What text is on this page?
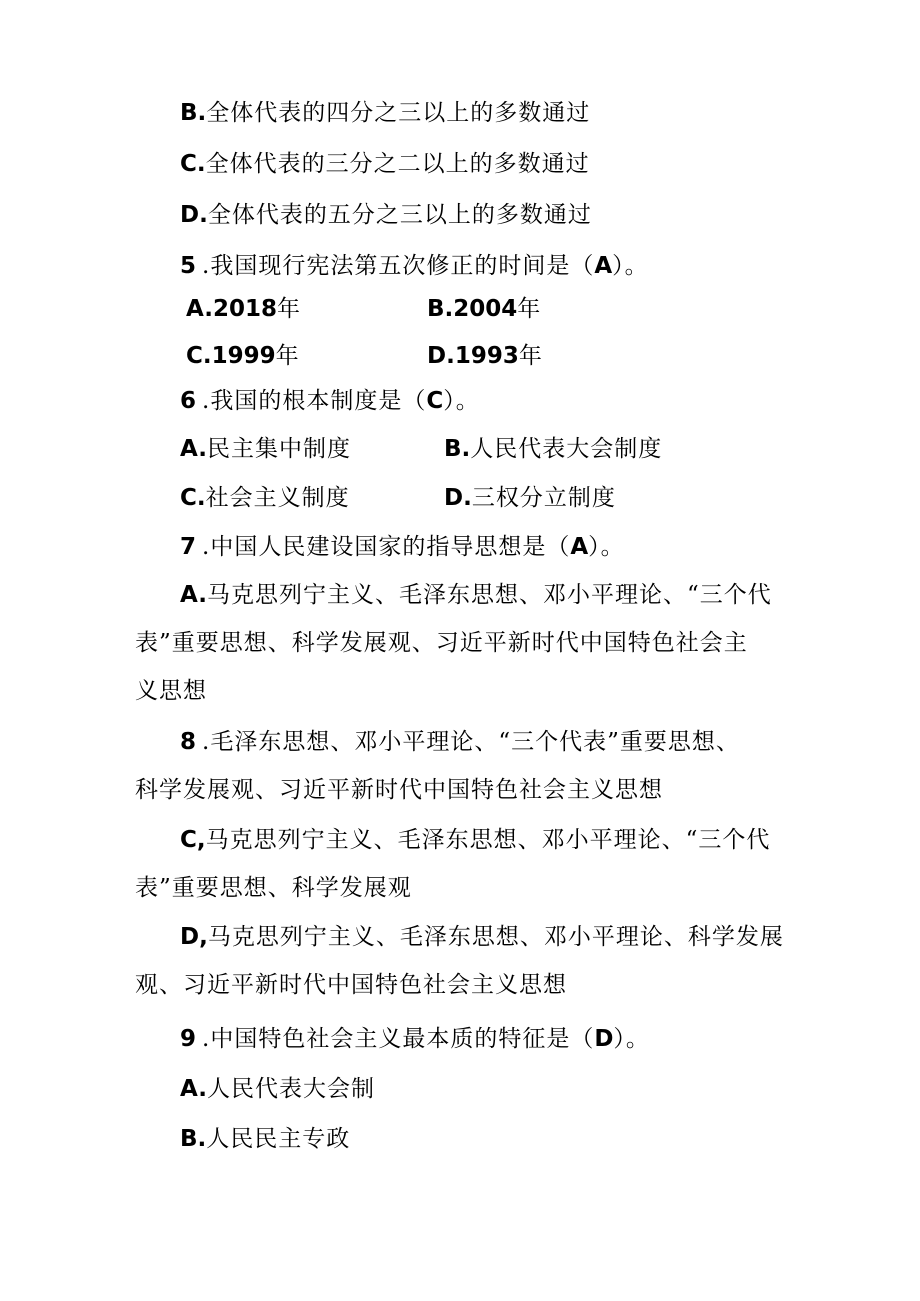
B.全体代表的四分之三以上的多数通过
C.全体代表的三分之二以上的多数通过
D.全体代表的五分之三以上的多数通过
5 .我国现行宪法第五次修正的时间是（A）。
A.2018年	B.2004年
C.1999年	D.1993年
6 .我国的根本制度是（C）。
A.民主集中制度	B.人民代表大会制度
C.社会主义制度	D.三权分立制度
7 .中国人民建设国家的指导思想是（A）。
A.马克思列宁主义、毛泽东思想、邓小平理论、“三个代
表”重要思想、科学发展观、习近平新时代中国特色社会主
义思想
8 .毛泽东思想、邓小平理论、“三个代表”重要思想、
科学发展观、习近平新时代中国特色社会主义思想
C,马克思列宁主义、毛泽东思想、邓小平理论、“三个代
表”重要思想、科学发展观
D,马克思列宁主义、毛泽东思想、邓小平理论、科学发展
观、习近平新时代中国特色社会主义思想
9 .中国特色社会主义最本质的特征是（D）。
A.人民代表大会制
B.人民民主专政
